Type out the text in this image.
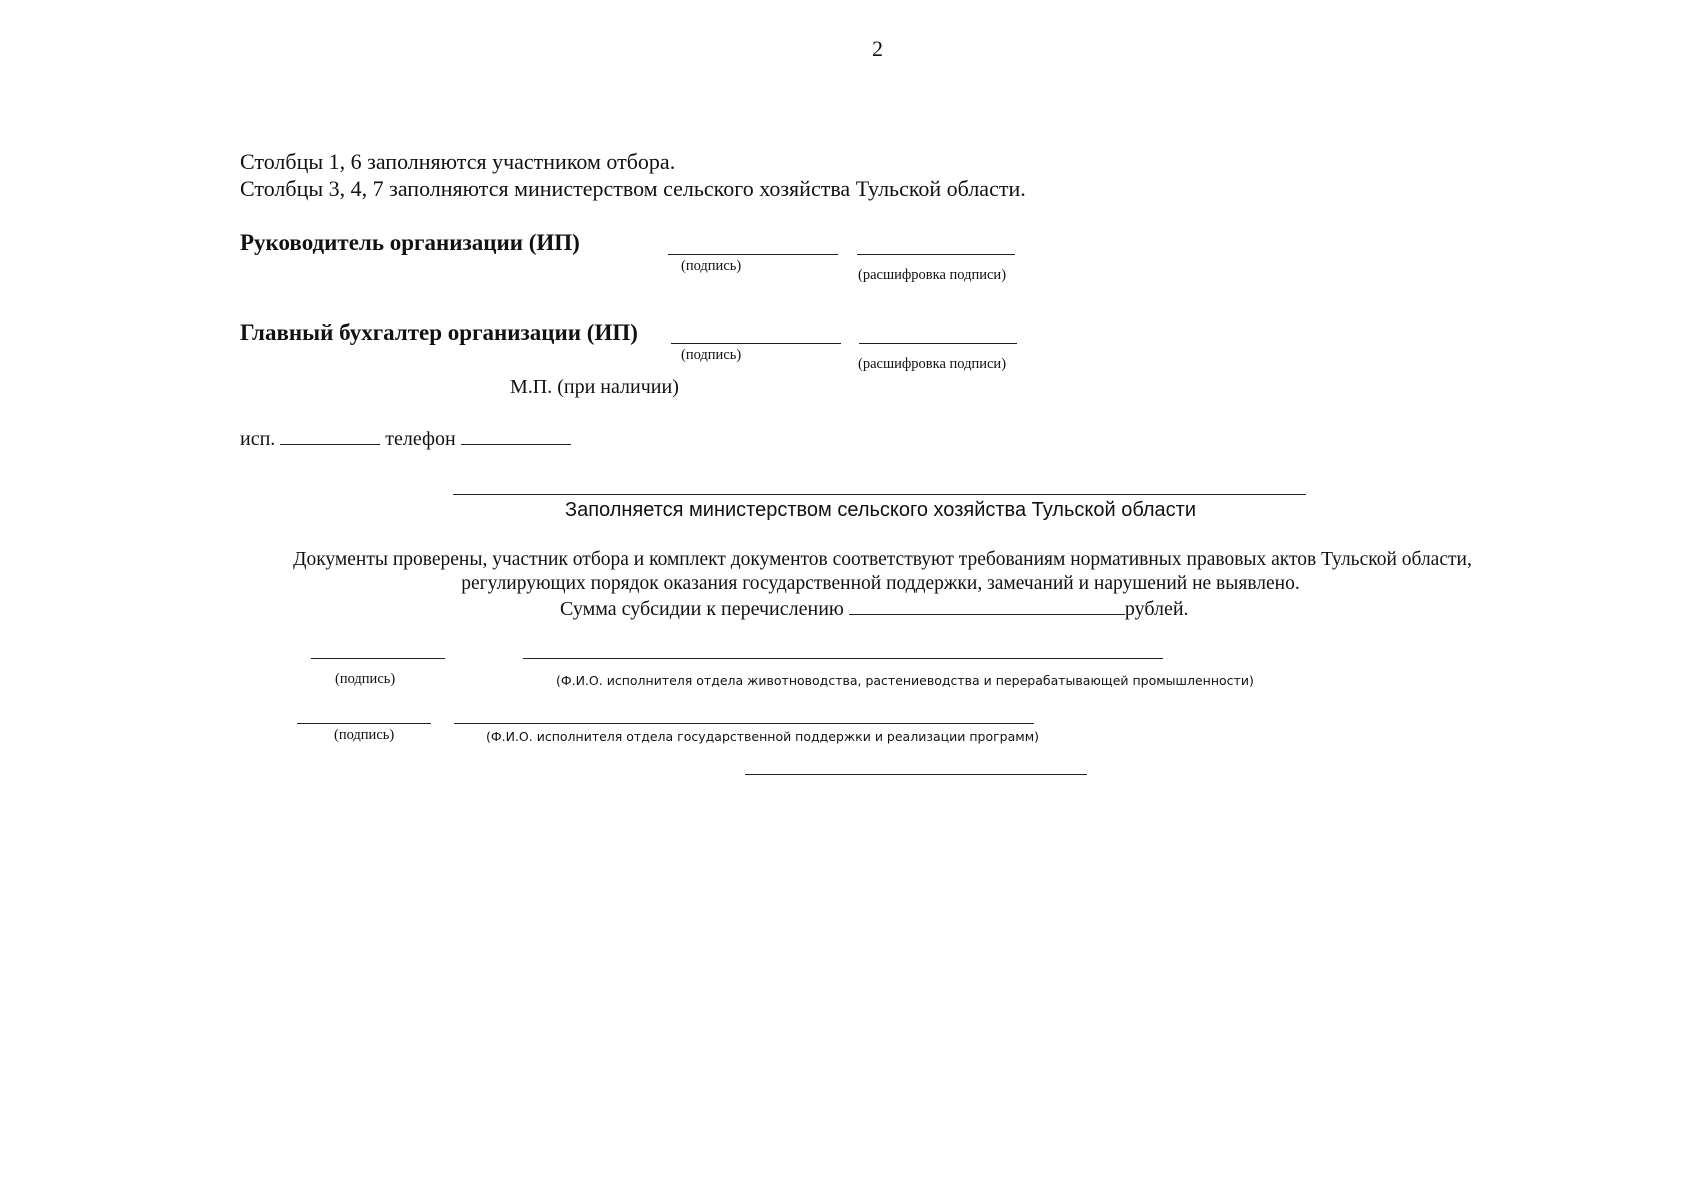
2
Столбцы 1, 6 заполняются участником отбора.
Столбцы 3, 4, 7 заполняются министерством сельского хозяйства Тульской области.
Руководитель организации (ИП)
(подпись)
(расшифровка подписи)
Главный бухгалтер организации (ИП)
(подпись)
(расшифровка подписи)
М.П. (при наличии)
исп.	телефон
Заполняется министерством сельского хозяйства Тульской области
Документы проверены, участник отбора и комплект документов соответствуют требованиям нормативных правовых актов Тульской области,
регулирующих порядок оказания государственной поддержки, замечаний и нарушений не выявлено.
Сумма субсидии к перечислению	рублей.
(подпись)	(Ф.И.О. исполнителя отдела животноводства, растениеводства и перерабатывающей промышленности)
(подпись)	(Ф.И.О. исполнителя отдела государственной поддержки и реализации программ)
